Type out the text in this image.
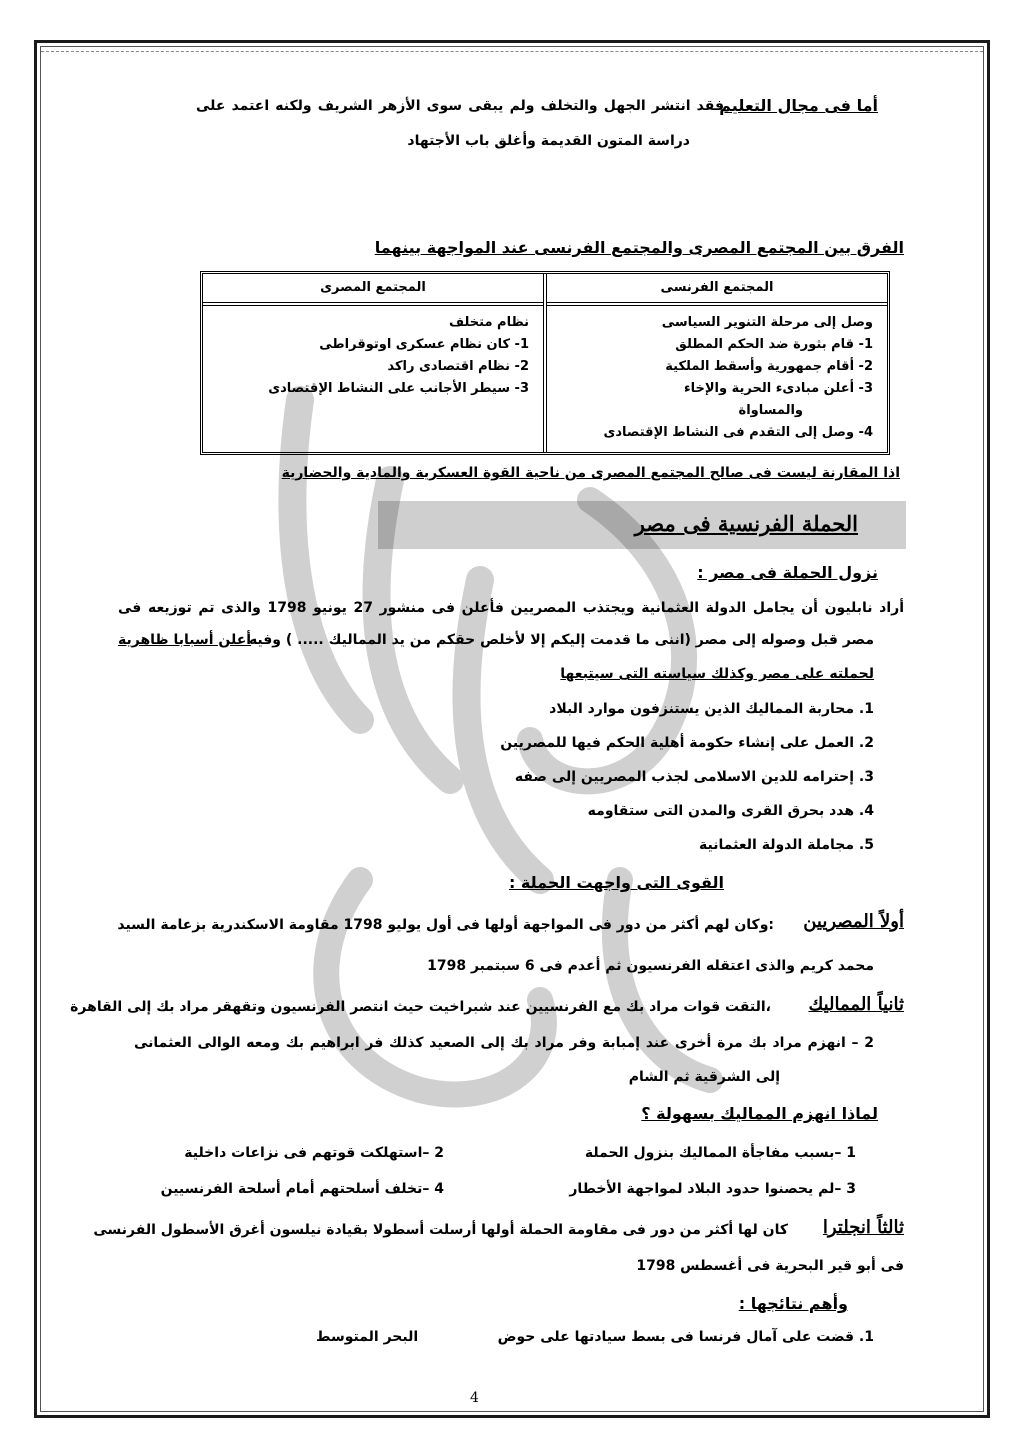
أما فى مجال التعليم
فقد انتشر الجهل والتخلف ولم يبقى سوى الأزهر الشريف ولكنه اعتمد على
دراسة المتون القديمة وأغلق باب الأجتهاد
الفرق بين المجتمع المصرى والمجتمع الفرنسى عند المواجهة بينهما
المجتمع الفرنسى
وصل إلى مرحلة التنوير السياسى
1- قام بثورة ضد الحكم المطلق
2- أقام جمهورية وأسقط الملكية
3- أعلن مبادىء الحرية والإخاء
والمساواة
4- وصل إلى التقدم فى النشاط الإقتصادى
المجتمع المصرى
نظام متخلف
1- كان نظام عسكرى اوتوقراطى
2- نظام اقتصادى راكد
3- سيطر الأجانب على النشاط الإقتصادى
اذا المقارنة ليست فى صالح المجتمع المصرى من ناحية القوة العسكرية والمادية والحضارية
الحملة الفرنسية فى مصر
نزول الحملة فى مصر :
أراد نابليون أن يجامل الدولة العثمانية ويجتذب المصريين فأعلن فى منشور 27 يونيو 1798 والذى تم توزيعه فى
مصر قبل وصوله إلى مصر (اننى ما قدمت إليكم إلا لأخلص حقكم من يد المماليك ..... ) وفيه
أعلن أسبابا ظاهرية
لحملته على مصر وكذلك سياسته التى سيتبعها
1. محاربة المماليك الذين يستنزفون موارد البلاد
2. العمل على إنشاء حكومة أهلية الحكم فيها للمصريين
3. إحترامه للدين الاسلامى لجذب المصريين إلى صفه
4. هدد بحرق القرى والمدن التى ستقاومه
5. مجاملة الدولة العثمانية
القوى التى واجهت الحملة :
أولاً المصريين
:وكان لهم أكثر من دور فى المواجهة أولها فى أول يوليو 1798 مقاومة الاسكندرية بزعامة السيد
محمد كريم والذى اعتقله الفرنسيون ثم أعدم فى 6 سبتمبر 1798
ثانياً المماليك
،التقت قوات مراد بك مع الفرنسيين عند شبراخيت حيث انتصر الفرنسيون وتقهقر مراد بك إلى القاهرة
2 – انهزم مراد بك مرة أخرى عند إمبابة وفر مراد بك إلى الصعيد كذلك فر ابراهيم بك ومعه الوالى العثمانى
إلى الشرقية ثم الشام
لماذا انهزم المماليك بسهولة ؟
1 –بسبب مفاجأة المماليك بنزول الحملة
2 –استهلكت قوتهم فى نزاعات داخلية
3 –لم يحصنوا حدود البلاد لمواجهة الأخطار
4 –تخلف أسلحتهم أمام أسلحة الفرنسيين
ثالثاً انجلترا
كان لها أكثر من دور فى مقاومة الحملة أولها أرسلت أسطولا بقيادة نيلسون أغرق الأسطول الفرنسى
فى أبو قير البحرية فى أغسطس 1798
وأهم نتائجها :
1. قضت على آمال فرنسا فى بسط سيادتها على حوض
البحر المتوسط
4
